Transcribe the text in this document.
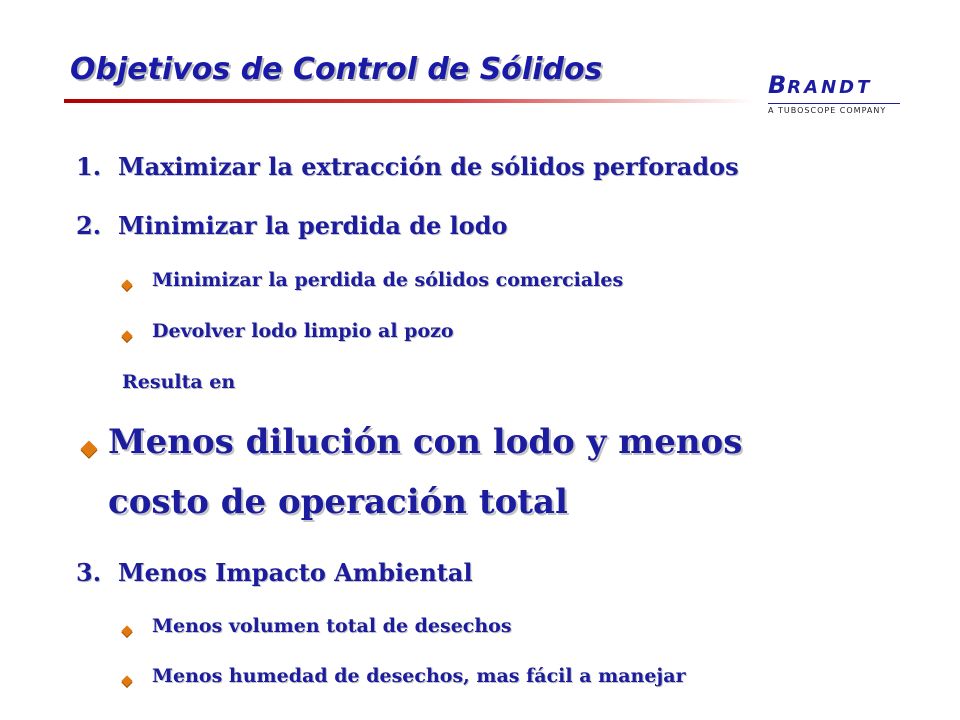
Objetivos de Control de Sólidos	BRANDT
A TUBOSCOPE COMPANY
1. Maximizar la extracción de sólidos perforados
2. Minimizar la perdida de lodo
Minimizar la perdida de sólidos comerciales
Devolver lodo limpio al pozo
Resulta en
Menos dilución con lodo y menos
costo de operación total
3. Menos Impacto Ambiental
Menos volumen total de desechos
Menos humedad de desechos, mas fácil a manejar
